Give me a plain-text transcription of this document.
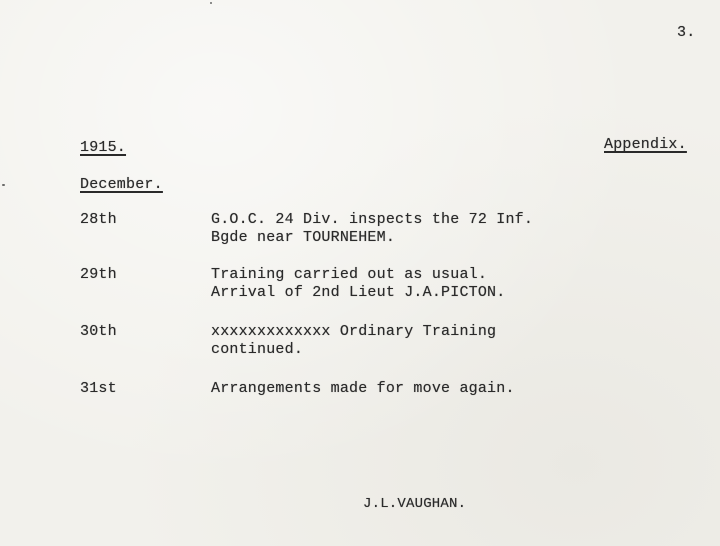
3.
1915.	Appendix.
December.
28th	G.O.C. 24 Div. inspects the 72 Inf.
Bgde near TOURNEHEM.
29th	Training carried out as usual.
Arrival of 2nd Lieut J.A.PICTON.
30th	xxxxxxxxxxxxx Ordinary Training
continued.
31st	Arrangements made for move again.
J.L.VAUGHAN.
